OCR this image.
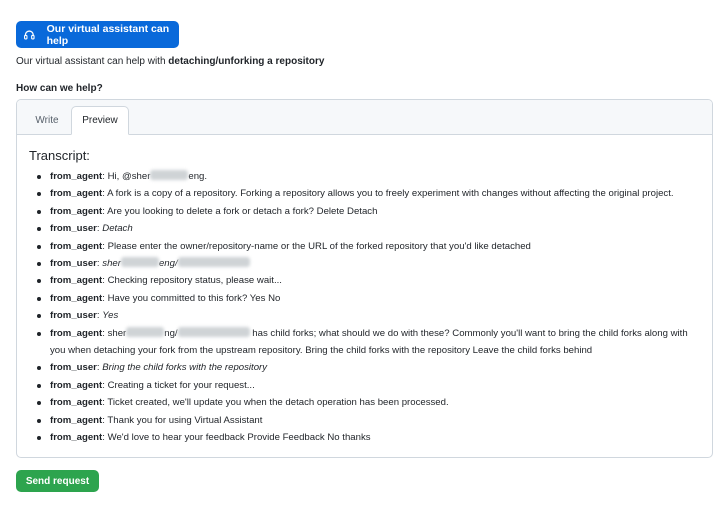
Our virtual assistant can help
Our virtual assistant can help with detaching/unforking a repository
How can we help?
Write	Preview
Transcript:
from_agent: Hi, @sher	eng.
from_agent: A fork is a copy of a repository. Forking a repository allows you to freely experiment with changes without affecting the original project.
from_agent: Are you looking to delete a fork or detach a fork? Delete Detach
from_user: Detach
from_agent: Please enter the owner/repository-name or the URL of the forked repository that you'd like detached
from_user: sher	eng/
from_agent: Checking repository status, please wait...
from_agent: Have you committed to this fork? Yes No
from_user: Yes
from_agent: sher	ng/	has child forks; what should we do with these? Commonly you'll want to bring the child forks along with you when detaching your fork from the upstream repository. Bring the child forks with the repository Leave the child forks behind
from_user: Bring the child forks with the repository
from_agent: Creating a ticket for your request...
from_agent: Ticket created, we'll update you when the detach operation has been processed.
from_agent: Thank you for using Virtual Assistant
from_agent: We'd love to hear your feedback Provide Feedback No thanks
Send request
